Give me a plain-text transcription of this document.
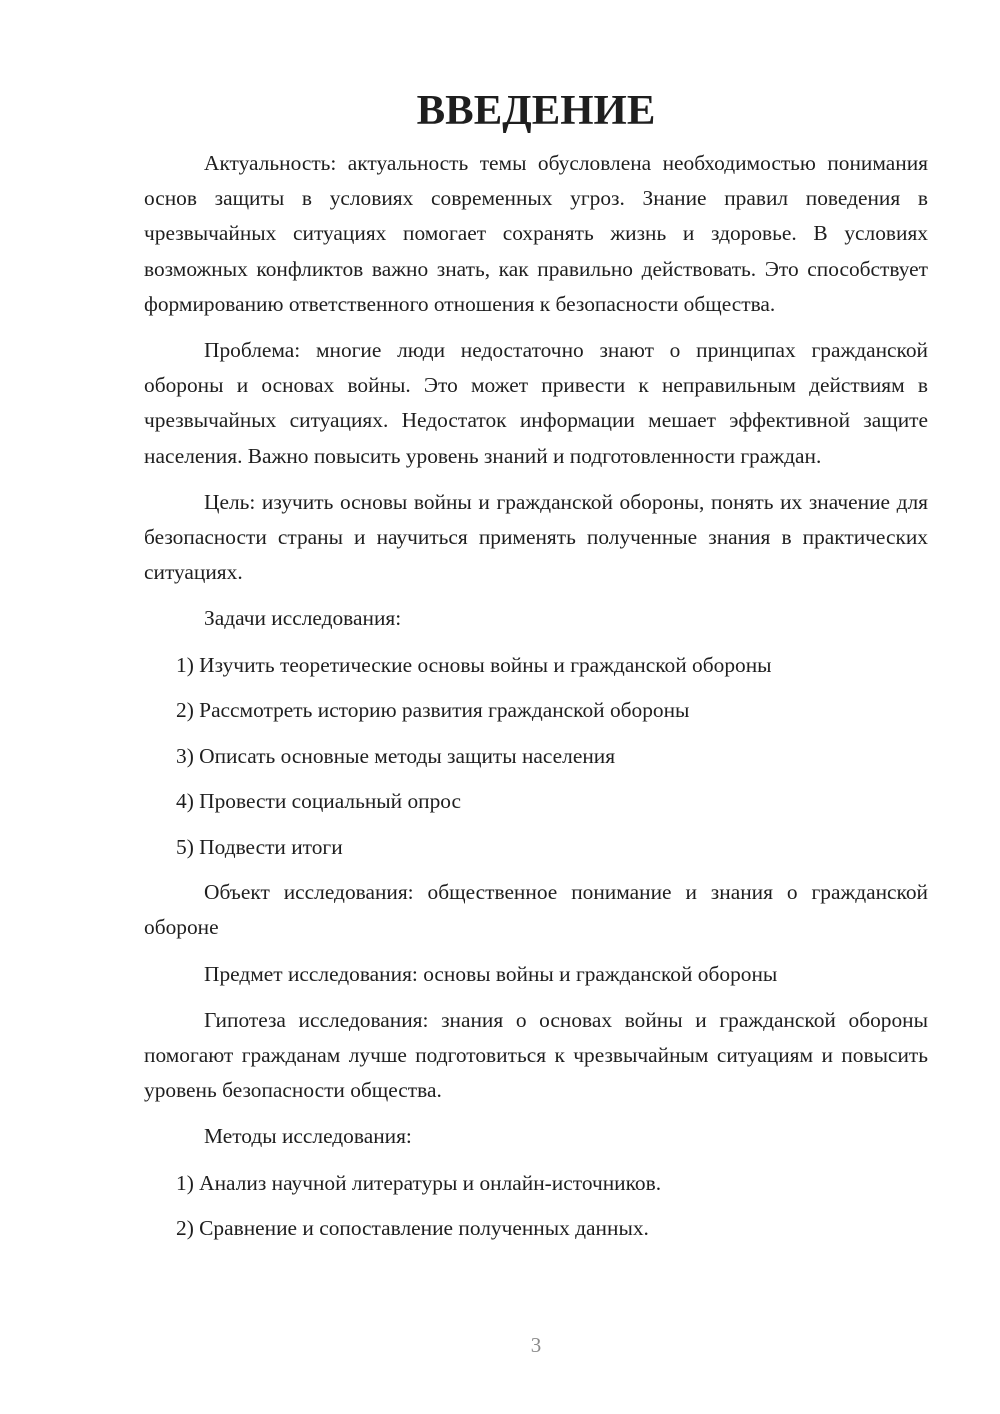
ВВЕДЕНИЕ

Актуальность: актуальность темы обусловлена необходимостью понимания основ защиты в условиях современных угроз. Знание правил поведения в чрезвычайных ситуациях помогает сохранять жизнь и здоровье. В условиях возможных конфликтов важно знать, как правильно действовать. Это способствует формированию ответственного отношения к безопасности общества.

Проблема: многие люди недостаточно знают о принципах гражданской обороны и основах войны. Это может привести к неправильным действиям в чрезвычайных ситуациях. Недостаток информации мешает эффективной защите населения. Важно повысить уровень знаний и подготовленности граждан.

Цель: изучить основы войны и гражданской обороны, понять их значение для безопасности страны и научиться применять полученные знания в практических ситуациях.

Задачи исследования:

1) Изучить теоретические основы войны и гражданской обороны
2) Рассмотреть историю развития гражданской обороны
3) Описать основные методы защиты населения
4) Провести социальный опрос
5) Подвести итоги

Объект исследования: общественное понимание и знания о гражданской обороне

Предмет исследования: основы войны и гражданской обороны

Гипотеза исследования: знания о основах войны и гражданской обороны помогают гражданам лучше подготовиться к чрезвычайным ситуациям и повысить уровень безопасности общества.

Методы исследования:

1) Анализ научной литературы и онлайн-источников.
2) Сравнение и сопоставление полученных данных.
3
